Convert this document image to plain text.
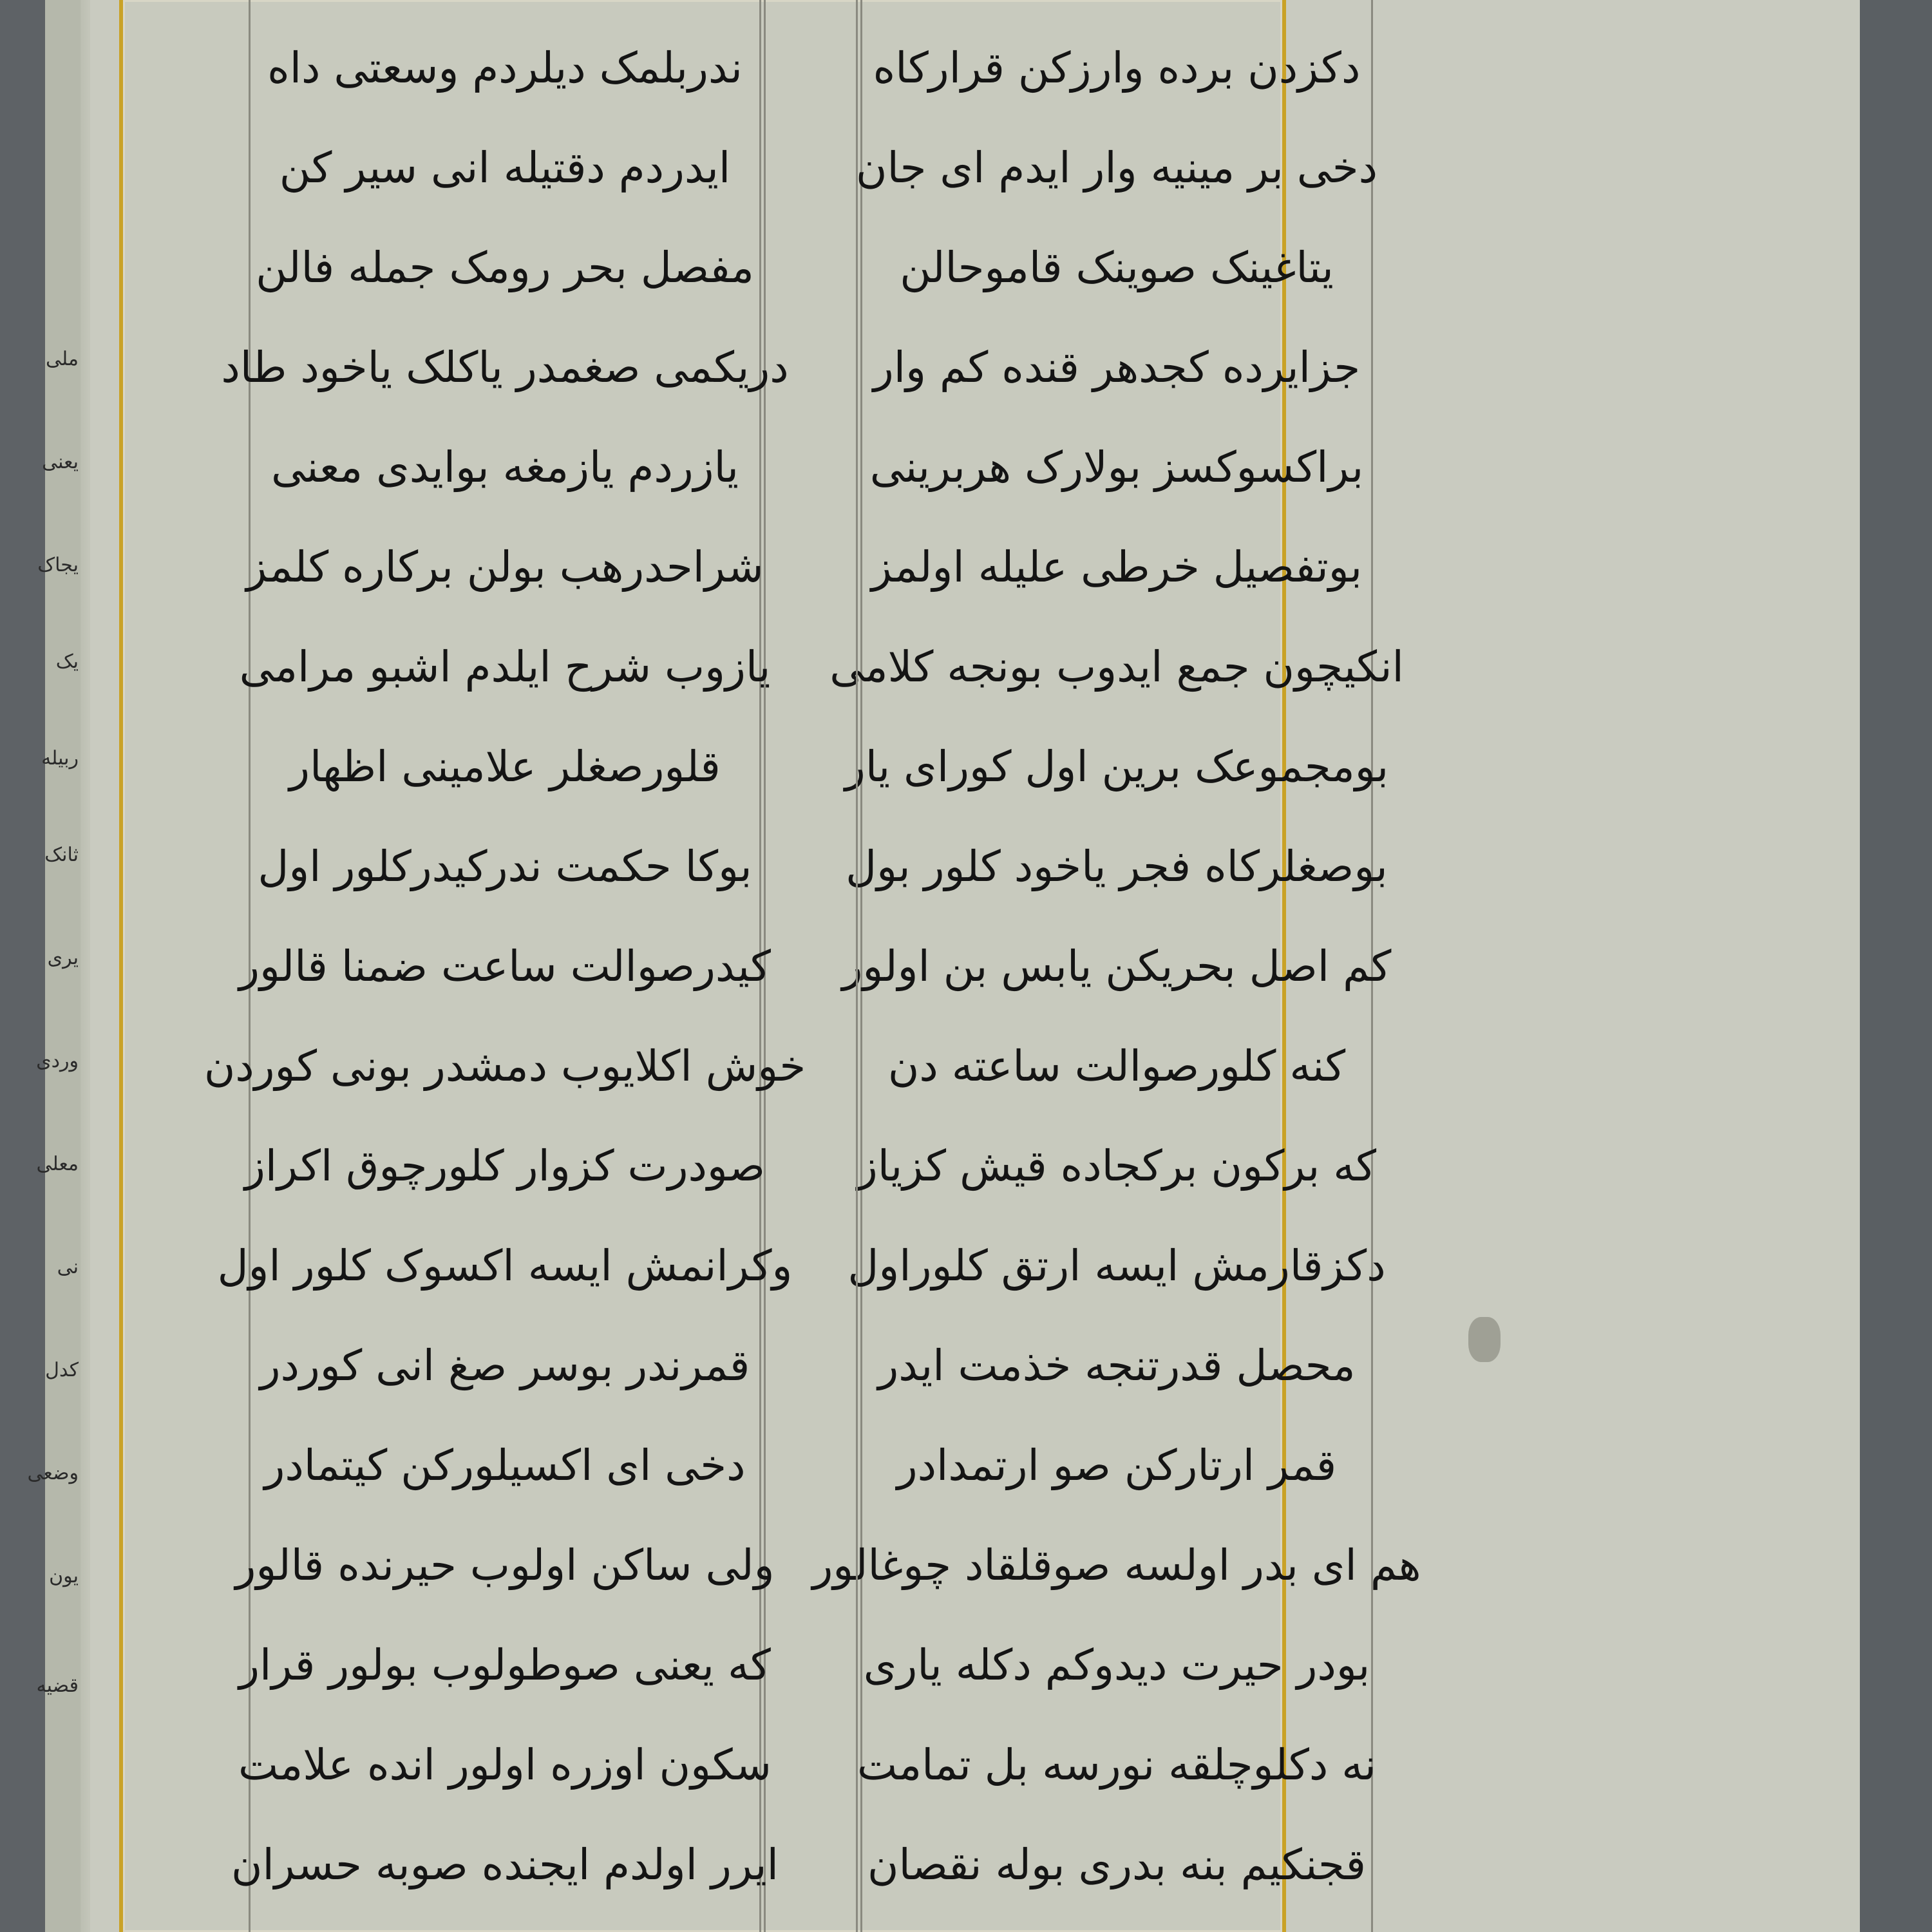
ملی
یعنی
یجاک
یک
ربیله
ثانک
یری
وردی
معلی
نی
کدل
وضعی
یون
قضیه
دکزدن برده وارزکن قرارکاه
دخی بر مینیه وار ایدم ای جان
یتاغینک صوینک قاموحالن
جزایرده کجدهر قنده کم وار
براکسوکسز بولارک هربرینی
بوتفصیل خرطی علیله اولمز
انکیچون جمع ایدوب بونجه کلامی
بومجموعک برین اول کورای یار
بوصغلرکاه فجر یاخود کلور بول
کم اصل بحریکن یابس بن اولور
کنه کلورصوالت ساعته دن
که برکون برکجاده قیش کزیاز
دکزقارمش ایسه ارتق کلوراول
محصل قدرتنجه خذمت ایدر
قمر ارتارکن صو ارتمدادر
هم ای بدر اولسه صوقلقاد چوغالور
بودر حیرت دیدوکم دکله یاری
نه دکلوچلقه نورسه بل تمامت
قجنکیم بنه بدری بوله نقصان
ندربلمک دیلردم وسعتی داه
ایدردم دقتیله انی سیر کن
مفصل بحر رومک جمله فالن
دریکمی صغمدر یاکلک یاخود طاد
یازردم یازمغه بوایدی معنی
شراحدرهب بولن برکاره کلمز
یازوب شرح ایلدم اشبو مرامی
قلورصغلر علامینی اظهار
بوکا حکمت ندرکیدرکلور اول
کیدرصوالت ساعت ضمنا قالور
خوش اکلایوب دمشدر بونی کوردن
صودرت کزوار کلورچوق اکراز
وکرانمش ایسه اکسوک کلور اول
قمرندر بوسر صغ انی کوردر
دخی ای اکسیلورکن کیتمادر
ولی ساکن اولوب حیرنده قالور
که یعنی صوطولوب بولور قرار
سکون اوزره اولور انده علامت
ایرر اولدم ایجنده صوبه حسران
